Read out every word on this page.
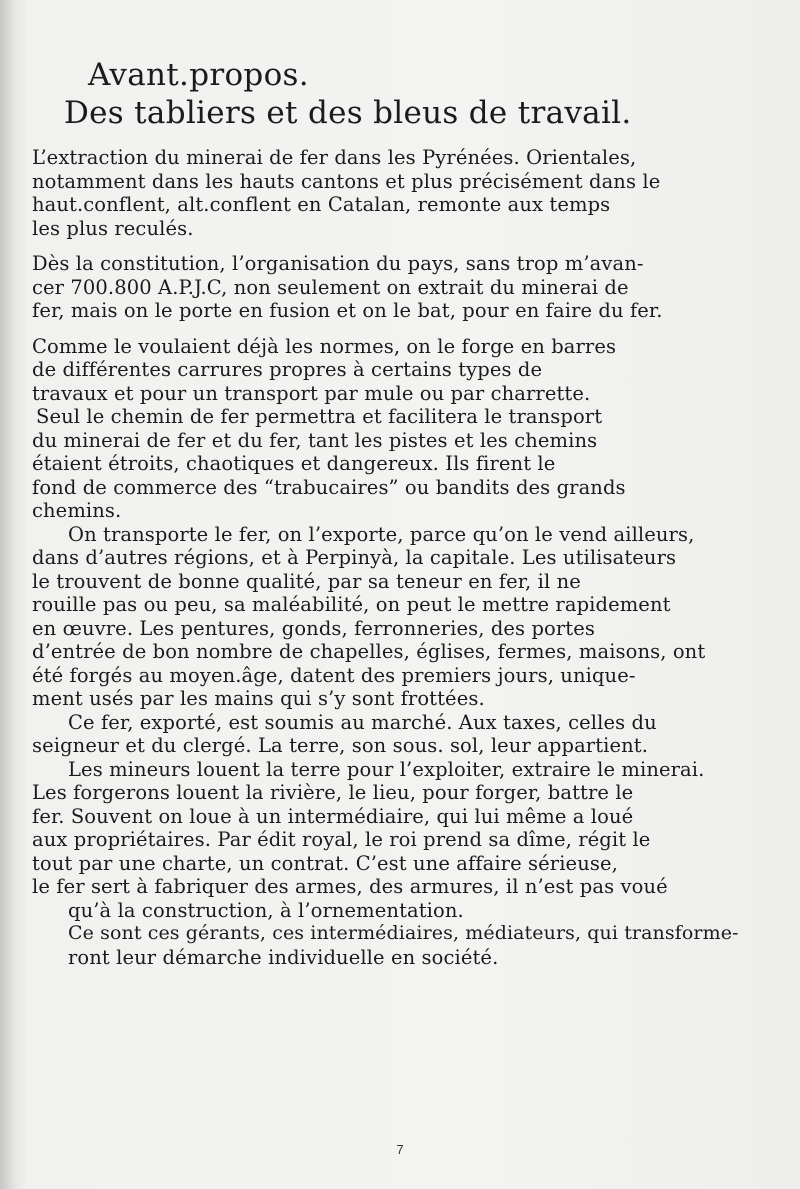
Avant.propos.
Des tabliers et des bleus de travail.
L’extraction du minerai de fer dans les Pyrénées. Orientales,
notamment dans les hauts cantons et plus précisément dans le
haut.conflent, alt.conflent en Catalan, remonte aux temps
les plus reculés.
Dès la constitution, l’organisation du pays, sans trop m’avan-
cer 700.800 A.P.J.C, non seulement on extrait du minerai de
fer, mais on le porte en fusion et on le bat, pour en faire du fer.
Comme le voulaient déjà les normes, on le forge en barres
de différentes carrures propres à certains types de
travaux et pour un transport par mule ou par charrette.
Seul le chemin de fer permettra et facilitera le transport
du minerai de fer et du fer, tant les pistes et les chemins
étaient étroits, chaotiques et dangereux. Ils firent le
fond de commerce des “trabucaires” ou bandits des grands
chemins.
On transporte le fer, on l’exporte, parce qu’on le vend ailleurs,
dans d’autres régions, et à Perpinyà, la capitale. Les utilisateurs
le trouvent de bonne qualité, par sa teneur en fer, il ne
rouille pas ou peu, sa maléabilité, on peut le mettre rapidement
en œuvre. Les pentures, gonds, ferronneries, des portes
d’entrée de bon nombre de chapelles, églises, fermes, maisons, ont
été forgés au moyen.âge, datent des premiers jours, unique-
ment usés par les mains qui s’y sont frottées.
Ce fer, exporté, est soumis au marché. Aux taxes, celles du
seigneur et du clergé. La terre, son sous. sol, leur appartient.
Les mineurs louent la terre pour l’exploiter, extraire le minerai.
Les forgerons louent la rivière, le lieu, pour forger, battre le
fer. Souvent on loue à un intermédiaire, qui lui même a loué
aux propriétaires. Par édit royal, le roi prend sa dîme, régit le
tout par une charte, un contrat. C’est une affaire sérieuse,
le fer sert à fabriquer des armes, des armures, il n’est pas voué
qu’à la construction, à l’ornementation.
Ce sont ces gérants, ces intermédiaires, médiateurs, qui transforme-
ront leur démarche individuelle en société.
7
